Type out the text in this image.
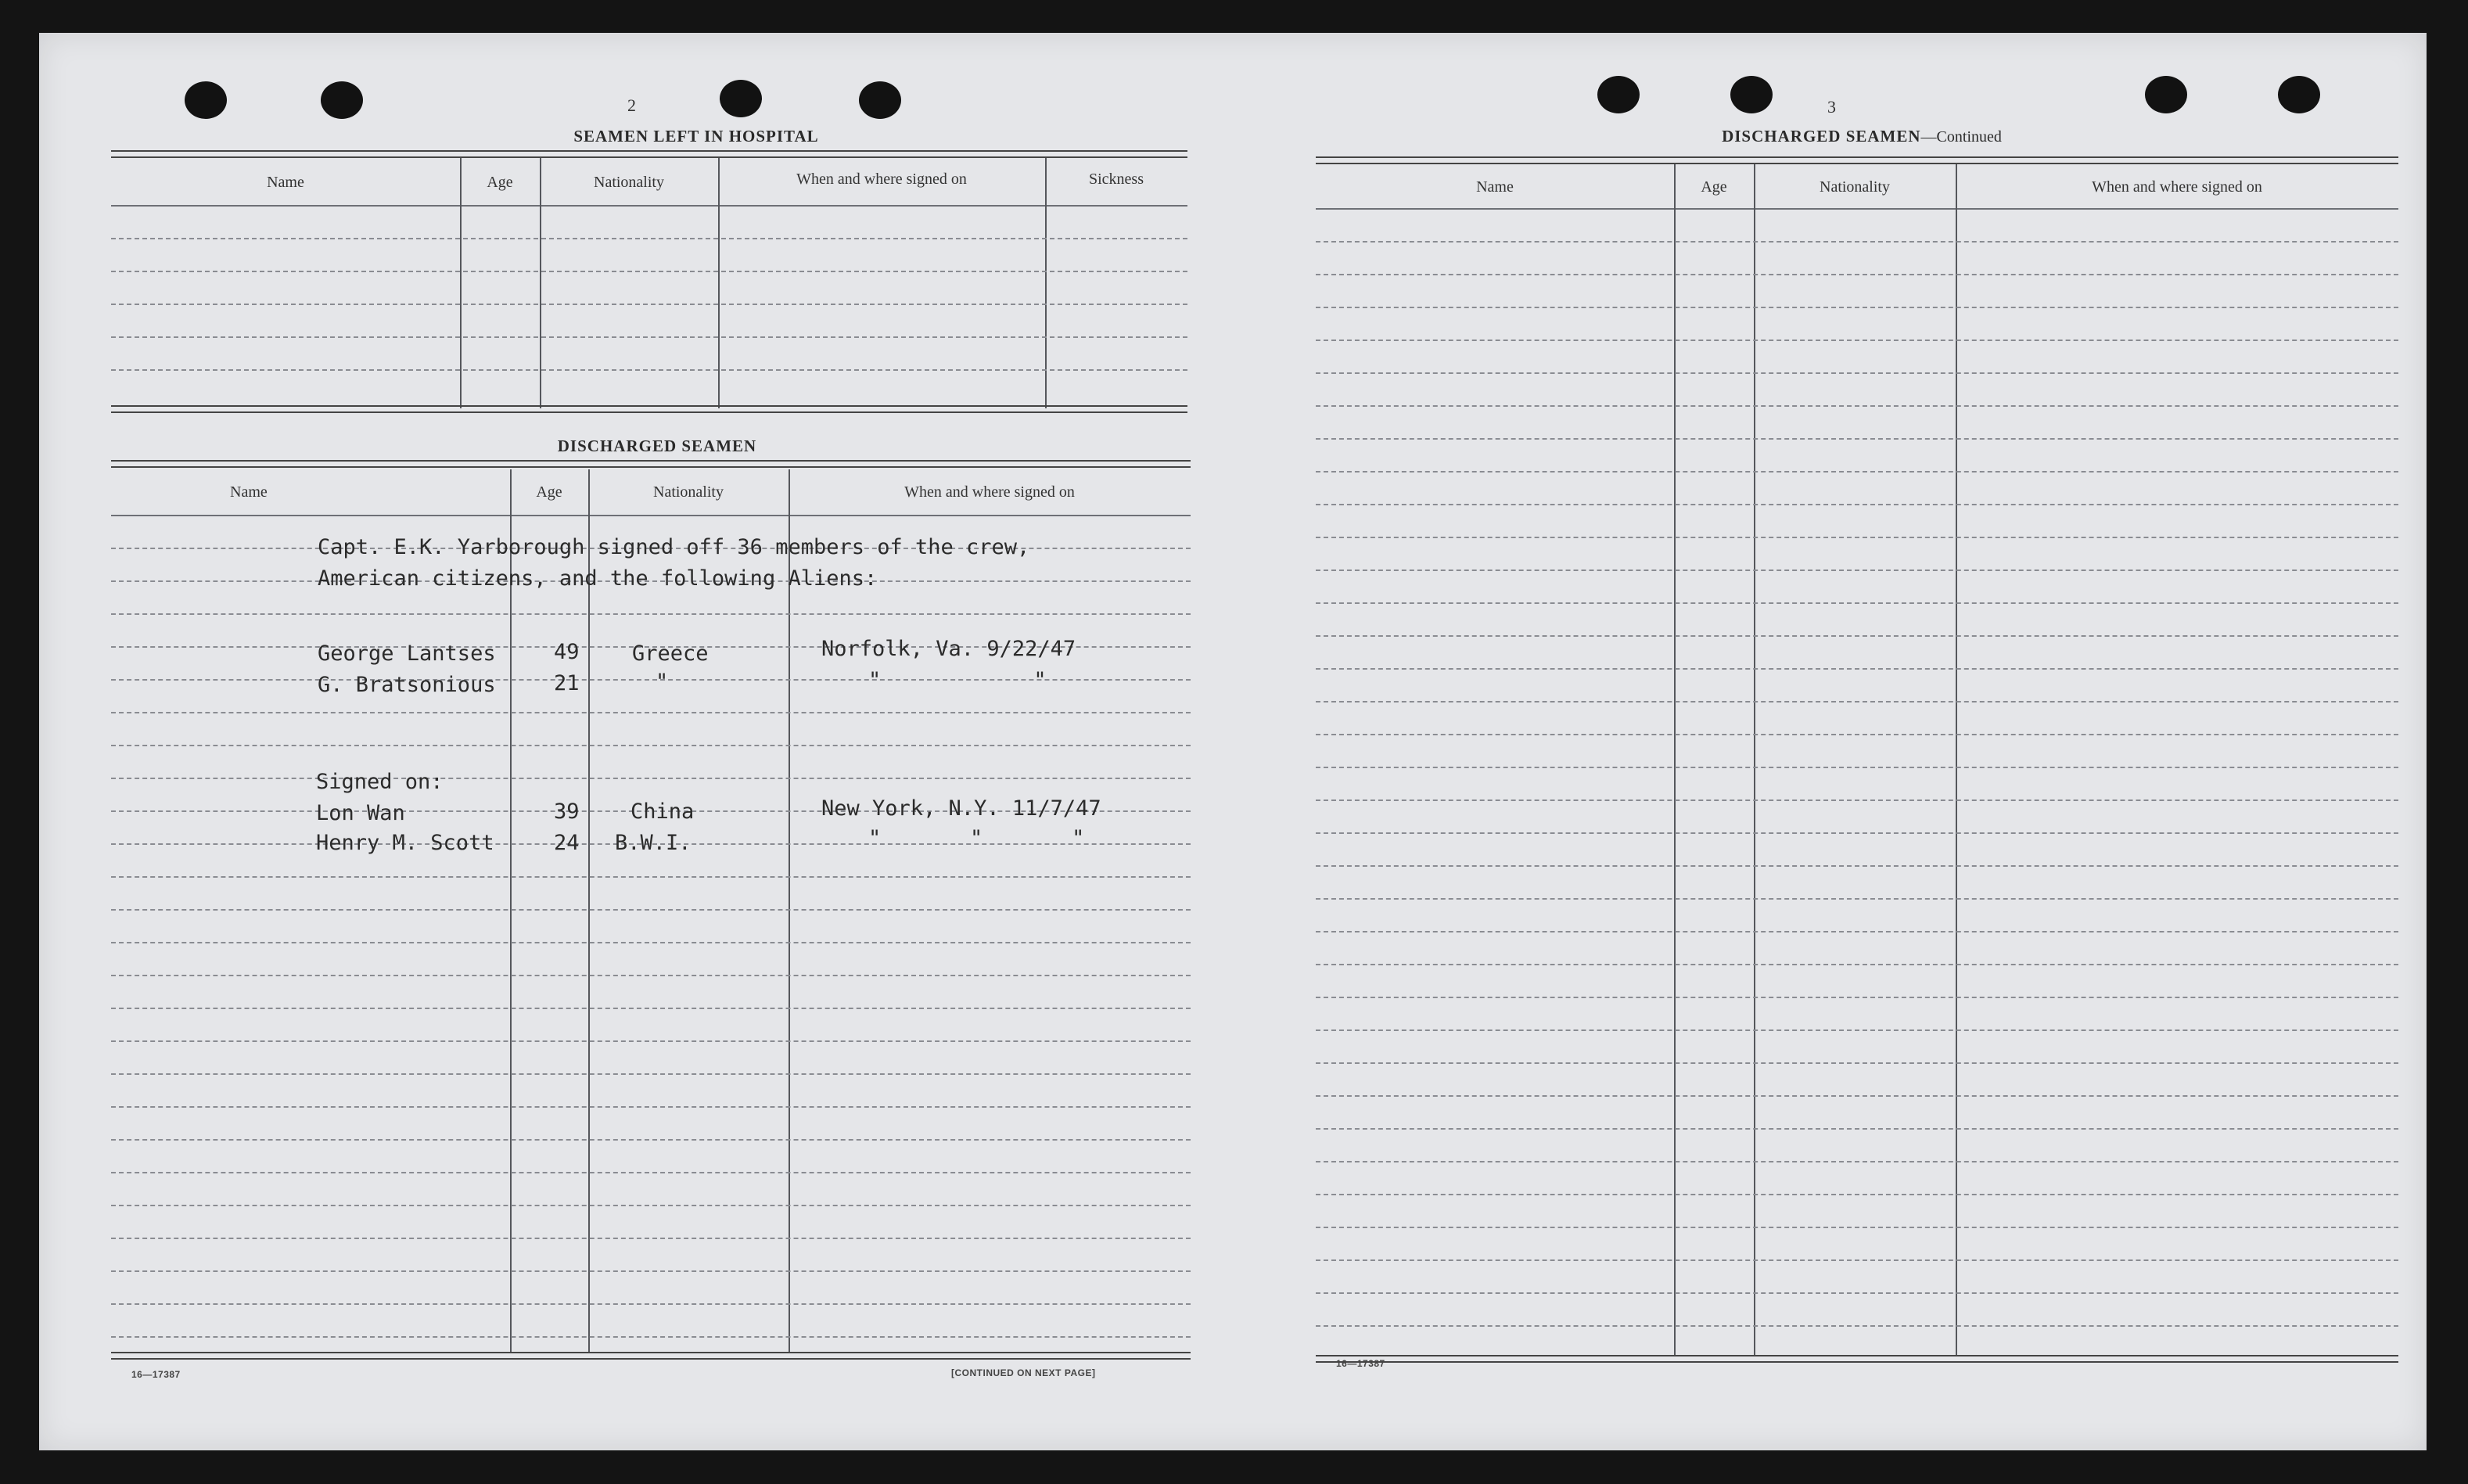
2
SEAMEN LEFT IN HOSPITAL
Name	Age	Nationality	When and where signed on	Sickness
DISCHARGED SEAMEN
Name	Age	Nationality	When and where signed on
Capt. E.K. Yarborough signed off 36 members of the crew,
American citizens, and the following Aliens:
George Lantses	49 Greece	Norfolk, Va. 9/22/47
G. Bratsonious	21	"	"            "
Signed on:
Lon Wan	39 China	New York, N.Y. 11/7/47
Henry M. Scott	24 B.W.I.	"       "       "
16—17387	[CONTINUED ON NEXT PAGE]
3
DISCHARGED SEAMEN—Continued
Name	Age	Nationality	When and where signed on
16—17387
